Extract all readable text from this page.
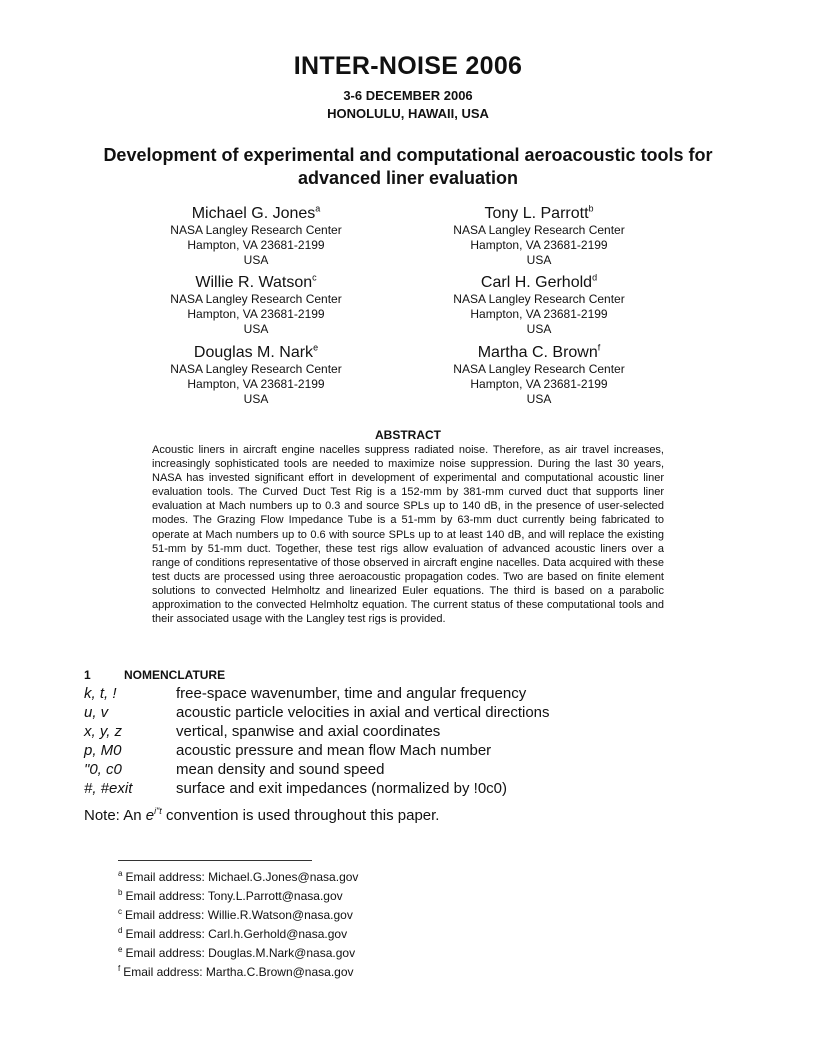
INTER-NOISE 2006
3-6 DECEMBER 2006
HONOLULU, HAWAII, USA
Development of experimental and computational aeroacoustic tools for advanced liner evaluation
Michael G. Jones$^a$
NASA Langley Research Center
Hampton, VA 23681-2199
USA
Tony L. Parrott$^b$
NASA Langley Research Center
Hampton, VA 23681-2199
USA
Willie R. Watson$^c$
NASA Langley Research Center
Hampton, VA 23681-2199
USA
Carl H. Gerhold$^d$
NASA Langley Research Center
Hampton, VA 23681-2199
USA
Douglas M. Nark$^e$
NASA Langley Research Center
Hampton, VA 23681-2199
USA
Martha C. Brown$^f$
NASA Langley Research Center
Hampton, VA 23681-2199
USA
ABSTRACT
Acoustic liners in aircraft engine nacelles suppress radiated noise. Therefore, as air travel increases, increasingly sophisticated tools are needed to maximize noise suppression. During the last 30 years, NASA has invested significant effort in development of experimental and computational acoustic liner evaluation tools. The Curved Duct Test Rig is a 152-mm by 381-mm curved duct that supports liner evaluation at Mach numbers up to 0.3 and source SPLs up to 140 dB, in the presence of user-selected modes. The Grazing Flow Impedance Tube is a 51-mm by 63-mm duct currently being fabricated to operate at Mach numbers up to 0.6 with source SPLs up to at least 140 dB, and will replace the existing 51-mm by 51-mm duct. Together, these test rigs allow evaluation of advanced acoustic liners over a range of conditions representative of those observed in aircraft engine nacelles. Data acquired with these test ducts are processed using three aeroacoustic propagation codes. Two are based on finite element solutions to convected Helmholtz and linearized Euler equations. The third is based on a parabolic approximation to the convected Helmholtz equation. The current status of these computational tools and their associated usage with the Langley test rigs is provided.
1	NOMENCLATURE
k, t, !	free-space wavenumber, time and angular frequency
u, v	acoustic particle velocities in axial and vertical directions
x, y, z	vertical, spanwise and axial coordinates
p, M0	acoustic pressure and mean flow Mach number
"0, c0	mean density and sound speed
#, #exit	surface and exit impedances (normalized by !0c0)
Note: An $e^{i"t}$ convention is used throughout this paper.
$^a$ Email address: Michael.G.Jones@nasa.gov
$^b$ Email address: Tony.L.Parrott@nasa.gov
$^c$ Email address: Willie.R.Watson@nasa.gov
$^d$ Email address: Carl.h.Gerhold@nasa.gov
$^e$ Email address: Douglas.M.Nark@nasa.gov
$^f$ Email address: Martha.C.Brown@nasa.gov
